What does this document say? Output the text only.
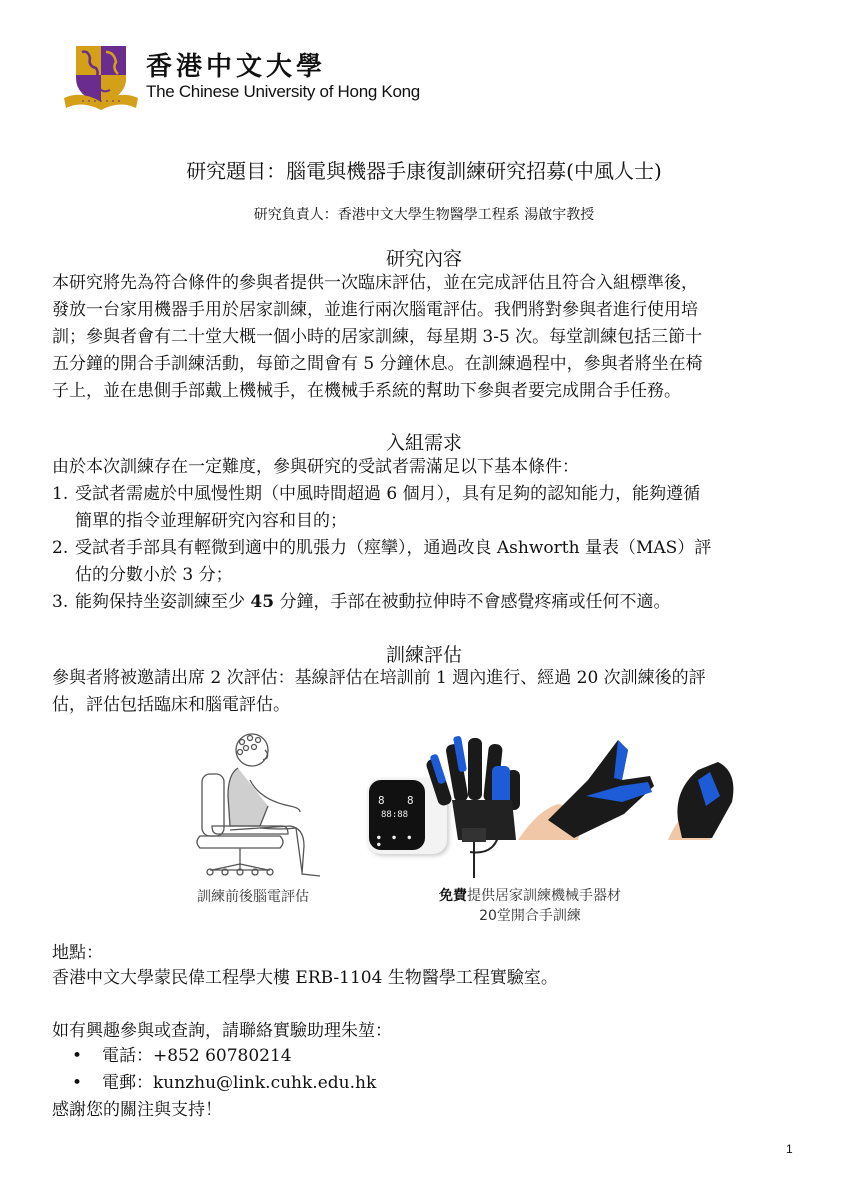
香港中文大學
The Chinese University of Hong Kong
研究題目：腦電與機器手康復訓練研究招募(中風人士)
研究負責人：香港中文大學生物醫學工程系 湯啟宇教授
研究內容
本研究將先為符合條件的參與者提供一次臨床評估，並在完成評估且符合入組標準後，
發放一台家用機器手用於居家訓練，並進行兩次腦電評估。我們將對參與者進行使用培
訓；參與者會有二十堂大概一個小時的居家訓練，每星期 3-5 次。每堂訓練包括三節十
五分鐘的開合手訓練活動，每節之間會有 5 分鐘休息。在訓練過程中，參與者將坐在椅
子上，並在患側手部戴上機械手，在機械手系統的幫助下參與者要完成開合手任務。
入組需求
由於本次訓練存在一定難度，參與研究的受試者需滿足以下基本條件：
1. 受試者需處於中風慢性期（中風時間超過 6 個月），具有足夠的認知能力，能夠遵循
簡單的指令並理解研究內容和目的；
2. 受試者手部具有輕微到適中的肌張力（痙攣），通過改良 Ashworth 量表（MAS）評
估的分數小於 3 分；
3. 能夠保持坐姿訓練至少 45 分鐘，手部在被動拉伸時不會感覺疼痛或任何不適。
訓練評估
參與者將被邀請出席 2 次評估：基線評估在培訓前 1 週內進行、經過 20 次訓練後的評
估，評估包括臨床和腦電評估。
8 8
88:88
● ● ● ●
訓練前後腦電評估	免費提供居家訓練機械手器材
20堂開合手訓練
地點：
香港中文大學蒙民偉工程學大樓 ERB-1104 生物醫學工程實驗室。
如有興趣參與或查詢，請聯絡實驗助理朱堃：
• 電話：+852 60780214
• 電郵：kunzhu@link.cuhk.edu.hk
感謝您的關注與支持！
1
